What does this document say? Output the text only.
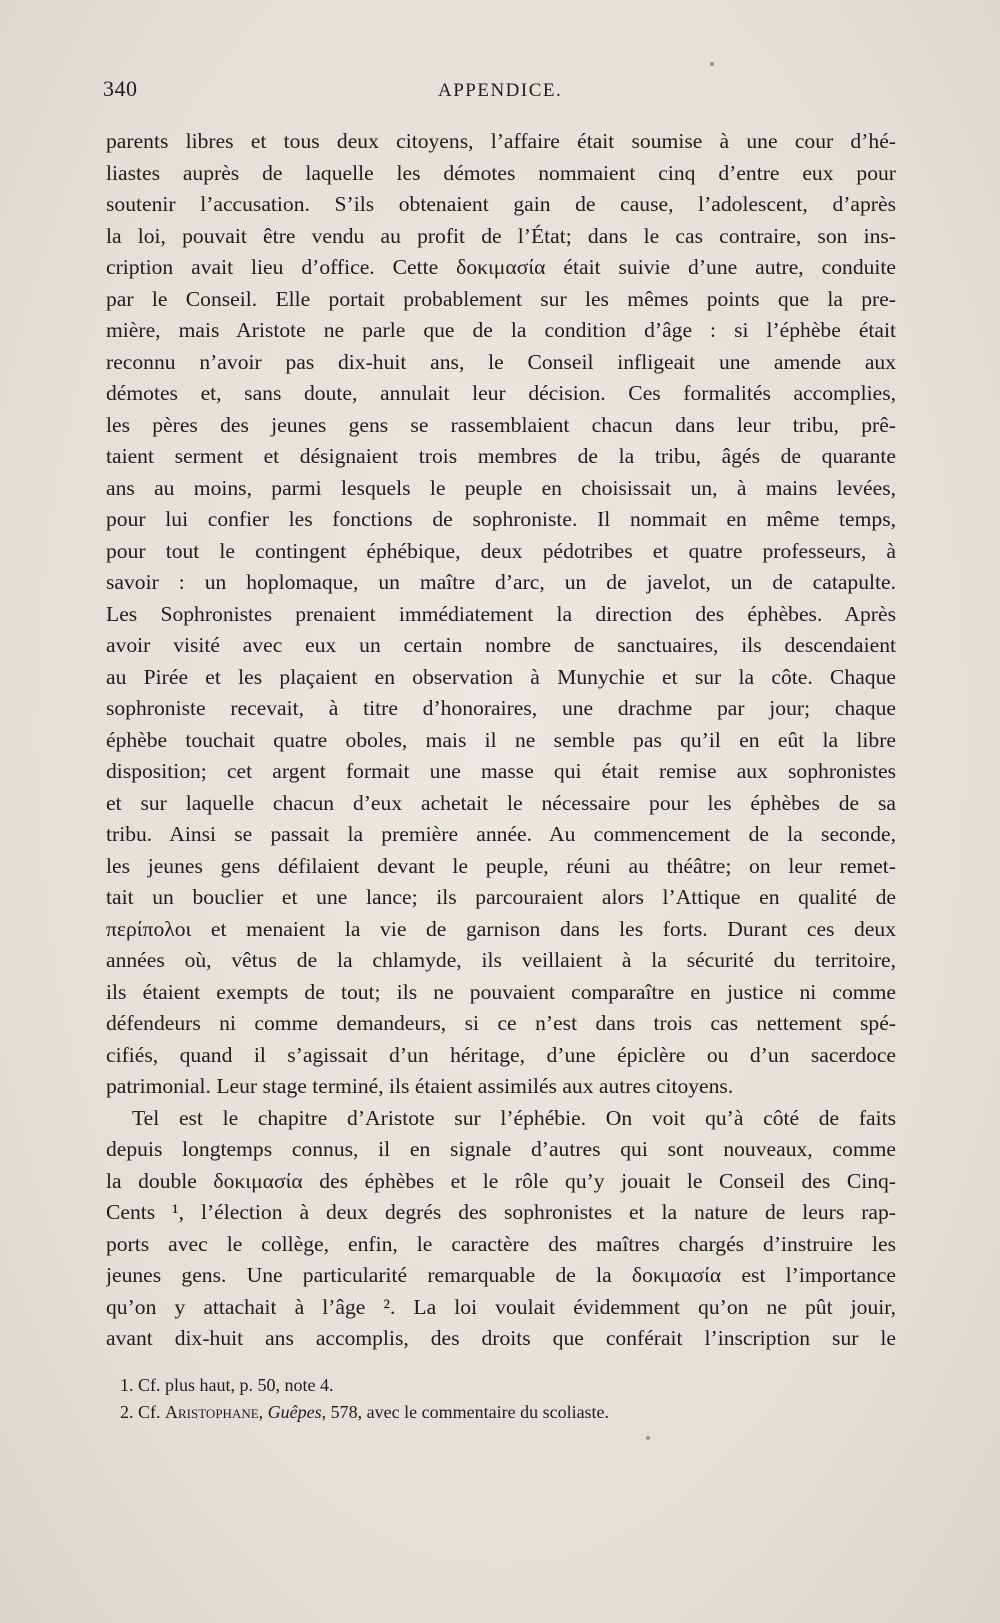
340	APPENDICE.
parents libres et tous deux citoyens, l’affaire était soumise à une cour d’hé-
liastes auprès de laquelle les démotes nommaient cinq d’entre eux pour
soutenir l’accusation. S’ils obtenaient gain de cause, l’adolescent, d’après
la loi, pouvait être vendu au profit de l’État; dans le cas contraire, son ins-
cription avait lieu d’office. Cette δοκιμασία était suivie d’une autre, conduite
par le Conseil. Elle portait probablement sur les mêmes points que la pre-
mière, mais Aristote ne parle que de la condition d’âge : si l’éphèbe était
reconnu n’avoir pas dix-huit ans, le Conseil infligeait une amende aux
démotes et, sans doute, annulait leur décision. Ces formalités accomplies,
les pères des jeunes gens se rassemblaient chacun dans leur tribu, prê-
taient serment et désignaient trois membres de la tribu, âgés de quarante
ans au moins, parmi lesquels le peuple en choisissait un, à mains levées,
pour lui confier les fonctions de sophroniste. Il nommait en même temps,
pour tout le contingent éphébique, deux pédotribes et quatre professeurs, à
savoir : un hoplomaque, un maître d’arc, un de javelot, un de catapulte.
Les Sophronistes prenaient immédiatement la direction des éphèbes. Après
avoir visité avec eux un certain nombre de sanctuaires, ils descendaient
au Pirée et les plaçaient en observation à Munychie et sur la côte. Chaque
sophroniste recevait, à titre d’honoraires, une drachme par jour; chaque
éphèbe touchait quatre oboles, mais il ne semble pas qu’il en eût la libre
disposition; cet argent formait une masse qui était remise aux sophronistes
et sur laquelle chacun d’eux achetait le nécessaire pour les éphèbes de sa
tribu. Ainsi se passait la première année. Au commencement de la seconde,
les jeunes gens défilaient devant le peuple, réuni au théâtre; on leur remet-
tait un bouclier et une lance; ils parcouraient alors l’Attique en qualité de
περίπολοι et menaient la vie de garnison dans les forts. Durant ces deux
années où, vêtus de la chlamyde, ils veillaient à la sécurité du territoire,
ils étaient exempts de tout; ils ne pouvaient comparaître en justice ni comme
défendeurs ni comme demandeurs, si ce n’est dans trois cas nettement spé-
cifiés, quand il s’agissait d’un héritage, d’une épiclère ou d’un sacerdoce
patrimonial. Leur stage terminé, ils étaient assimilés aux autres citoyens.
Tel est le chapitre d’Aristote sur l’éphébie. On voit qu’à côté de faits
depuis longtemps connus, il en signale d’autres qui sont nouveaux, comme
la double δοκιμασία des éphèbes et le rôle qu’y jouait le Conseil des Cinq-
Cents ¹, l’élection à deux degrés des sophronistes et la nature de leurs rap-
ports avec le collège, enfin, le caractère des maîtres chargés d’instruire les
jeunes gens. Une particularité remarquable de la δοκιμασία est l’importance
qu’on y attachait à l’âge ². La loi voulait évidemment qu’on ne pût jouir,
avant dix-huit ans accomplis, des droits que conférait l’inscription sur le
1. Cf. plus haut, p. 50, note 4.
2. Cf. Aristophane, Guêpes, 578, avec le commentaire du scoliaste.
